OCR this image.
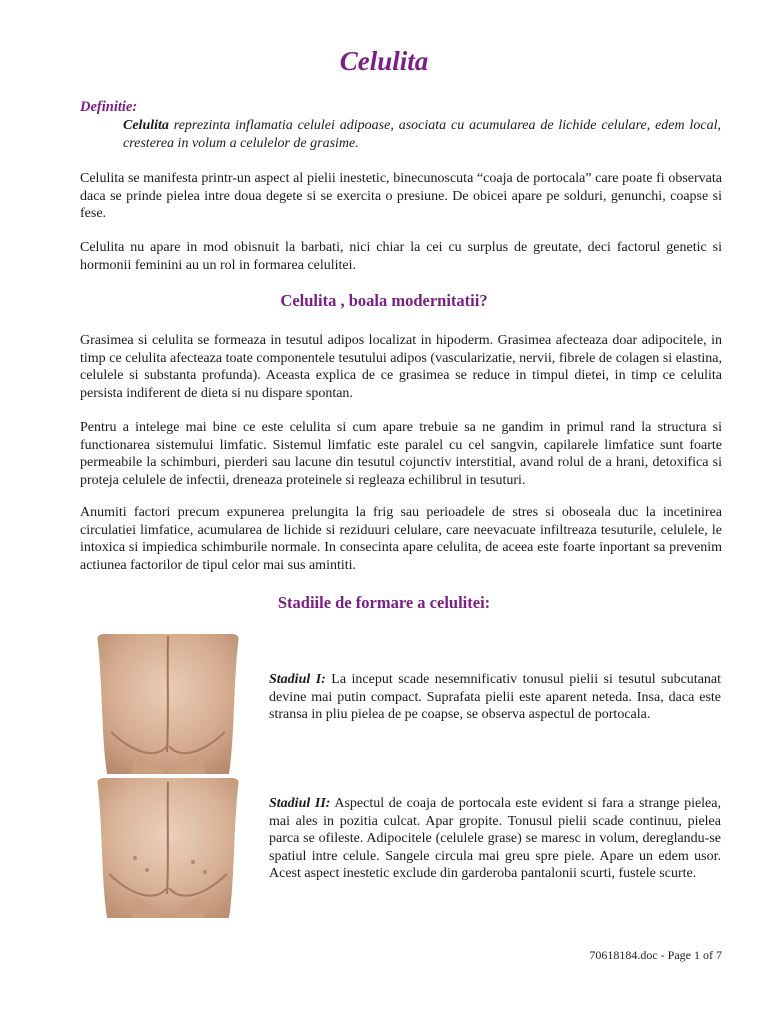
Celulita
Definitie:
Celulita reprezinta inflamatia celulei adipoase, asociata cu acumularea de lichide celulare, edem local, cresterea in volum a celulelor de grasime.
Celulita se manifesta printr-un aspect al pielii inestetic, binecunoscuta “coaja de portocala” care poate fi observata daca se prinde pielea intre doua degete si se exercita o presiune. De obicei apare pe solduri, genunchi, coapse si fese.
Celulita nu apare in mod obisnuit la barbati, nici chiar la cei cu surplus de greutate, deci factorul genetic si hormonii feminini au un rol in formarea celulitei.
Celulita , boala modernitatii?
Grasimea si celulita se formeaza in tesutul adipos localizat in hipoderm. Grasimea afecteaza doar adipocitele, in timp ce celulita afecteaza toate componentele tesutului adipos (vascularizatie, nervii, fibrele de colagen si elastina, celulele si substanta profunda). Aceasta explica de ce grasimea se reduce in timpul dietei, in timp ce celulita persista indiferent de dieta si nu dispare spontan.
Pentru a intelege mai bine ce este celulita si cum apare trebuie sa ne gandim in primul rand la structura si functionarea sistemului limfatic. Sistemul limfatic este paralel cu cel sangvin, capilarele limfatice sunt foarte permeabile la schimburi, pierderi sau lacune din tesutul cojunctiv interstitial, avand rolul de a hrani, detoxifica si proteja celulele de infectii, dreneaza proteinele si regleaza echilibrul in tesuturi.
Anumiti factori precum expunerea prelungita la frig sau perioadele de stres si oboseala duc la incetinirea circulatiei limfatice, acumularea de lichide si reziduuri celulare, care neevacuate infiltreaza tesuturile, celulele, le intoxica si impiedica schimburile normale. In consecinta apare celulita, de aceea este foarte inportant sa prevenim actiunea factorilor de tipul celor mai sus amintiti.
Stadiile de formare a celulitei:
Stadiul I: La inceput scade nesemnificativ tonusul pielii si tesutul subcutanat devine mai putin compact. Suprafata pielii este aparent neteda. Insa, daca este stransa in pliu pielea de pe coapse, se observa aspectul de portocala.
Stadiul II: Aspectul de coaja de portocala este evident si fara a strange pielea, mai ales in pozitia culcat. Apar gropite. Tonusul pielii scade continuu, pielea parca se ofileste. Adipocitele (celulele grase) se maresc in volum, dereglandu-se spatiul intre celule. Sangele circula mai greu spre piele. Apare un edem usor. Acest aspect inestetic exclude din garderoba pantalonii scurti, fustele scurte.
70618184.doc - Page 1 of 7
